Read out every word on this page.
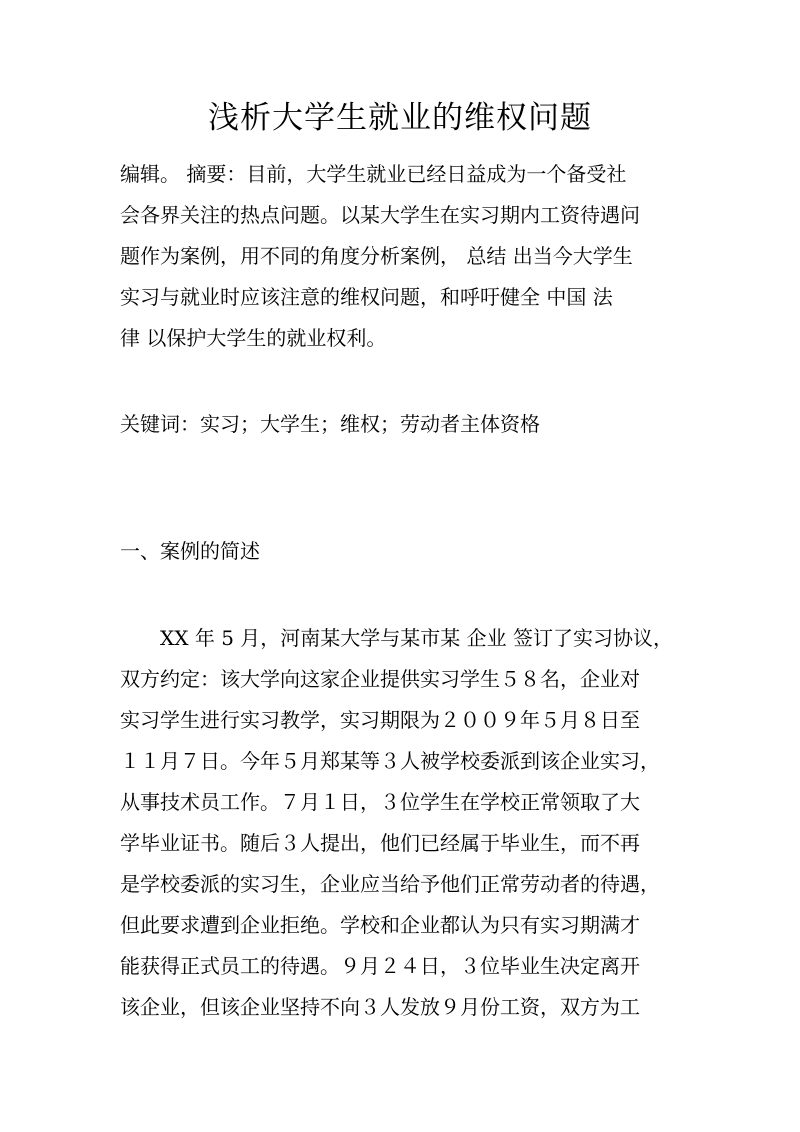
浅析大学生就业的维权问题
编辑。 摘要：目前，大学生就业已经日益成为一个备受社
会各界关注的热点问题。以某大学生在实习期内工资待遇问
题作为案例，用不同的角度分析案例， 总结 出当今大学生
实习与就业时应该注意的维权问题，和呼吁健全 中国 法
律 以保护大学生的就业权利。
关键词：实习；大学生；维权；劳动者主体资格
一、案例的简述
XX 年 5 月，河南某大学与某市某 企业 签订了实习协议，
双方约定：该大学向这家企业提供实习学生５８名，企业对
实习学生进行实习教学，实习期限为２００９年５月８日至
１１月７日。今年５月郑某等３人被学校委派到该企业实习，
从事技术员工作。７月１日，３位学生在学校正常领取了大
学毕业证书。随后３人提出，他们已经属于毕业生，而不再
是学校委派的实习生，企业应当给予他们正常劳动者的待遇，
但此要求遭到企业拒绝。学校和企业都认为只有实习期满才
能获得正式员工的待遇。９月２４日，３位毕业生决定离开
该企业，但该企业坚持不向３人发放９月份工资，双方为工
